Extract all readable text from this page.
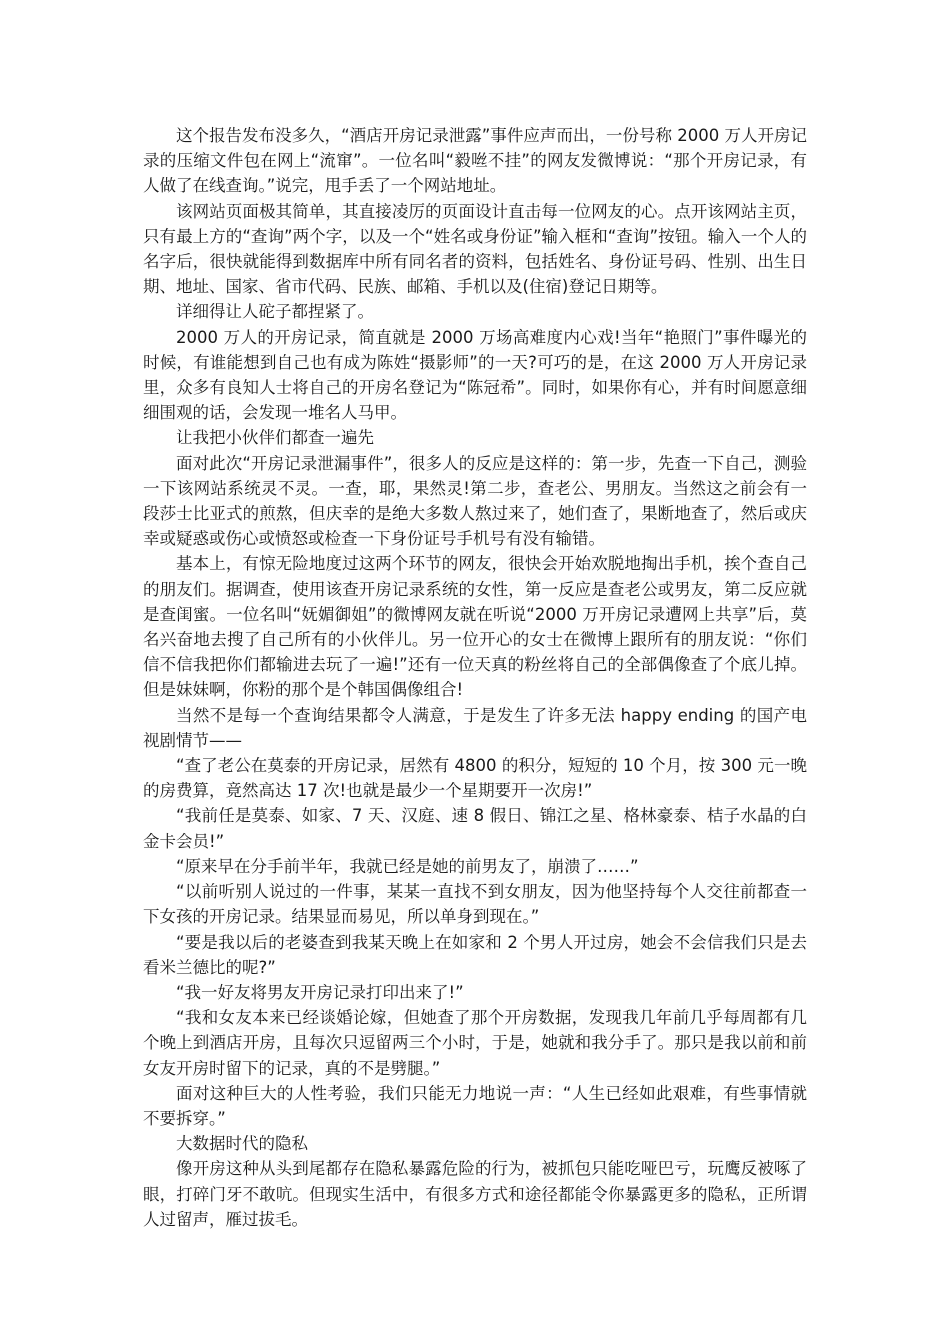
这个报告发布没多久，“酒店开房记录泄露”事件应声而出，一份号称 2000 万人开房记录的压缩文件包在网上“流窜”。一位名叫“毅咝不挂”的网友发微博说：“那个开房记录，有人做了在线查询。”说完，甩手丢了一个网站地址。

该网站页面极其简单，其直接凌厉的页面设计直击每一位网友的心。点开该网站主页，只有最上方的“查询”两个字，以及一个“姓名或身份证”输入框和“查询”按钮。输入一个人的名字后，很快就能得到数据库中所有同名者的资料，包括姓名、身份证号码、性别、出生日期、地址、国家、省市代码、民族、邮箱、手机以及(住宿)登记日期等。

详细得让人砣子都捏紧了。

2000 万人的开房记录，简直就是 2000 万场高难度内心戏!当年“艳照门”事件曝光的时候，有谁能想到自己也有成为陈姓“摄影师”的一天?可巧的是，在这 2000 万人开房记录里，众多有良知人士将自己的开房名登记为“陈冠希”。同时，如果你有心，并有时间愿意细细围观的话，会发现一堆名人马甲。

让我把小伙伴们都查一遍先

面对此次“开房记录泄漏事件”，很多人的反应是这样的：第一步，先查一下自己，测验一下该网站系统灵不灵。一查，耶，果然灵!第二步，查老公、男朋友。当然这之前会有一段莎士比亚式的煎熬，但庆幸的是绝大多数人熬过来了，她们查了，果断地查了，然后或庆幸或疑惑或伤心或愤怒或检查一下身份证号手机号有没有输错。

基本上，有惊无险地度过这两个环节的网友，很快会开始欢脱地掏出手机，挨个查自己的朋友们。据调查，使用该查开房记录系统的女性，第一反应是查老公或男友，第二反应就是查闺蜜。一位名叫“妩媚御姐”的微博网友就在听说“2000 万开房记录遭网上共享”后，莫名兴奋地去搜了自己所有的小伙伴儿。另一位开心的女士在微博上跟所有的朋友说：“你们信不信我把你们都输进去玩了一遍!”还有一位天真的粉丝将自己的全部偶像查了个底儿掉。但是妹妹啊，你粉的那个是个韩国偶像组合!

当然不是每一个查询结果都令人满意，于是发生了许多无法 happy ending 的国产电视剧情节——

“查了老公在莫泰的开房记录，居然有 4800 的积分，短短的 10 个月，按 300 元一晚的房费算，竟然高达 17 次!也就是最少一个星期要开一次房!”

“我前任是莫泰、如家、7 天、汉庭、速 8 假日、锦江之星、格林豪泰、桔子水晶的白金卡会员!”

“原来早在分手前半年，我就已经是她的前男友了，崩溃了……”

“以前听别人说过的一件事，某某一直找不到女朋友，因为他坚持每个人交往前都查一下女孩的开房记录。结果显而易见，所以单身到现在。”

“要是我以后的老婆查到我某天晚上在如家和 2 个男人开过房，她会不会信我们只是去看米兰德比的呢?”

“我一好友将男友开房记录打印出来了!”

“我和女友本来已经谈婚论嫁，但她查了那个开房数据，发现我几年前几乎每周都有几个晚上到酒店开房，且每次只逗留两三个小时，于是，她就和我分手了。那只是我以前和前女友开房时留下的记录，真的不是劈腿。”

面对这种巨大的人性考验，我们只能无力地说一声：“人生已经如此艰难，有些事情就不要拆穿。”

大数据时代的隐私

像开房这种从头到尾都存在隐私暴露危险的行为，被抓包只能吃哑巴亏，玩鹰反被啄了眼，打碎门牙不敢吭。但现实生活中，有很多方式和途径都能令你暴露更多的隐私，正所谓人过留声，雁过拔毛。
